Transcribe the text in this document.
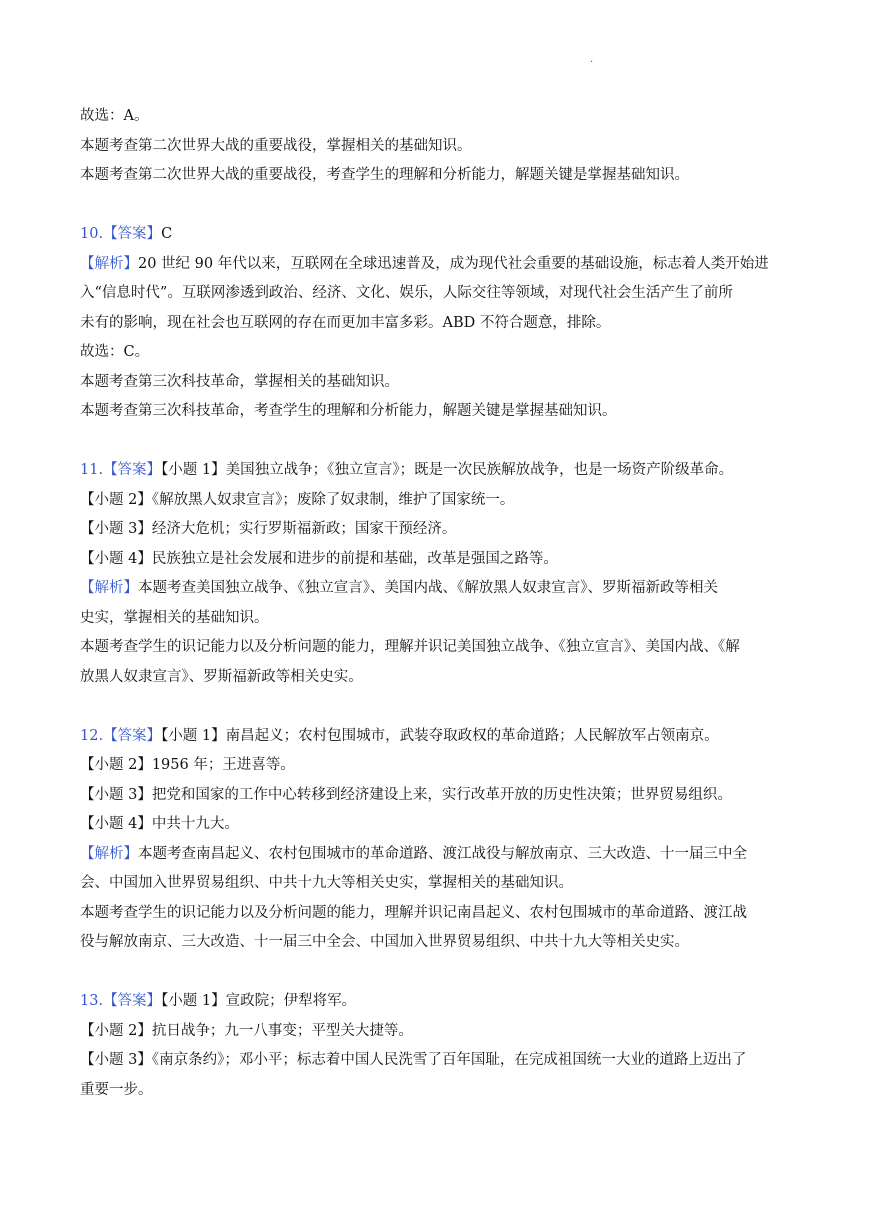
.
故选：A。
本题考查第二次世界大战的重要战役，掌握相关的基础知识。
本题考查第二次世界大战的重要战役，考查学生的理解和分析能力，解题关键是掌握基础知识。
10.【答案】C
【解析】20 世纪 90 年代以来，互联网在全球迅速普及，成为现代社会重要的基础设施，标志着人类开始进
入“信息时代”。互联网渗透到政治、经济、文化、娱乐，人际交往等领域，对现代社会生活产生了前所
未有的影响，现在社会也互联网的存在而更加丰富多彩。ABD 不符合题意，排除。
故选：C。
本题考查第三次科技革命，掌握相关的基础知识。
本题考查第三次科技革命，考查学生的理解和分析能力，解题关键是掌握基础知识。
11.【答案】【小题 1】美国独立战争；《独立宣言》；既是一次民族解放战争，也是一场资产阶级革命。
【小题 2】《解放黑人奴隶宣言》；废除了奴隶制，维护了国家统一。
【小题 3】经济大危机；实行罗斯福新政；国家干预经济。
【小题 4】民族独立是社会发展和进步的前提和基础，改革是强国之路等。
【解析】本题考查美国独立战争、《独立宣言》、美国内战、《解放黑人奴隶宣言》、罗斯福新政等相关
史实，掌握相关的基础知识。
本题考查学生的识记能力以及分析问题的能力，理解并识记美国独立战争、《独立宣言》、美国内战、《解
放黑人奴隶宣言》、罗斯福新政等相关史实。
12.【答案】【小题 1】南昌起义；农村包围城市，武装夺取政权的革命道路；人民解放军占领南京。
【小题 2】1956 年；王进喜等。
【小题 3】把党和国家的工作中心转移到经济建设上来，实行改革开放的历史性决策；世界贸易组织。
【小题 4】中共十九大。
【解析】本题考查南昌起义、农村包围城市的革命道路、渡江战役与解放南京、三大改造、十一届三中全
会、中国加入世界贸易组织、中共十九大等相关史实，掌握相关的基础知识。
本题考查学生的识记能力以及分析问题的能力，理解并识记南昌起义、农村包围城市的革命道路、渡江战
役与解放南京、三大改造、十一届三中全会、中国加入世界贸易组织、中共十九大等相关史实。
13.【答案】【小题 1】宣政院；伊犁将军。
【小题 2】抗日战争；九一八事变；平型关大捷等。
【小题 3】《南京条约》；邓小平；标志着中国人民洗雪了百年国耻，在完成祖国统一大业的道路上迈出了
重要一步。
